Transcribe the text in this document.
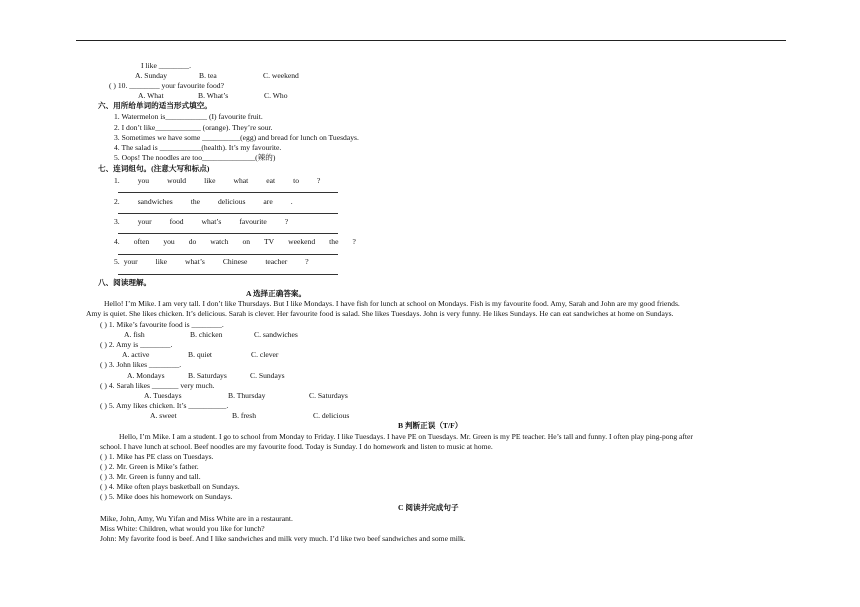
I like ________.
A. Sunday	B. tea	C. weekend
( ) 10. ________ your favourite food?
A. What	B. What’s	C. Who
六、用所给单词的适当形式填空。
1. Watermelon is___________ (I) favourite fruit.
2. I don’t like____________ (orange). They’re sour.
3. Sometimes we have some __________(egg) and bread for lunch on Tuesdays.
4. The salad is ___________(health). It’s my favourite.
5. Oops! The noodles are too______________(辣的)
七、连词组句。(注意大写和标点)
1. you would like what eat to ?
2. sandwiches the delicious are .
3. your food what’s favourite ?
4. often you do watch on TV weekend the ?
5. your like what’s Chinese teacher ?
八、阅读理解。
A 选择正确答案。
Hello! I’m Mike. I am very tall. I don’t like Thursdays. But I like Mondays. I have fish for lunch at school on Mondays. Fish is my favourite food. Amy, Sarah and John are my good friends.
Amy is quiet. She likes chicken. It’s delicious. Sarah is clever. Her favourite food is salad. She likes Tuesdays. John is very funny. He likes Sundays. He can eat sandwiches at home on Sundays.
( ) 1. Mike’s favourite food is ________.
A. fish	B. chicken	C. sandwiches
( ) 2. Amy is ________.
A. active	B. quiet	C. clever
( ) 3. John likes ________.
A. Mondays	B. Saturdays	C. Sundays
( ) 4. Sarah likes _______ very much.
A. Tuesdays	B. Thursday	C. Saturdays
( ) 5. Amy likes chicken. It’s __________.
A. sweet	B. fresh	C. delicious
B 判断正误（T/F）
Hello, I’m Mike. I am a student. I go to school from Monday to Friday. I like Tuesdays. I have PE on Tuesdays. Mr. Green is my PE teacher. He’s tall and funny. I often play ping-pong after
school. I have lunch at school. Beef noodles are my favourite food. Today is Sunday. I do homework and listen to music at home.
( ) 1. Mike has PE class on Tuesdays.
( ) 2. Mr. Green is Mike’s father.
( ) 3. Mr. Green is funny and tall.
( ) 4. Mike often plays basketball on Sundays.
( ) 5. Mike does his homework on Sundays.
C 阅读并完成句子
Mike, John, Amy, Wu Yifan and Miss White are in a restaurant.
Miss White: Children, what would you like for lunch?
John: My favorite food is beef. And I like sandwiches and milk very much. I’d like two beef sandwiches and some milk.
